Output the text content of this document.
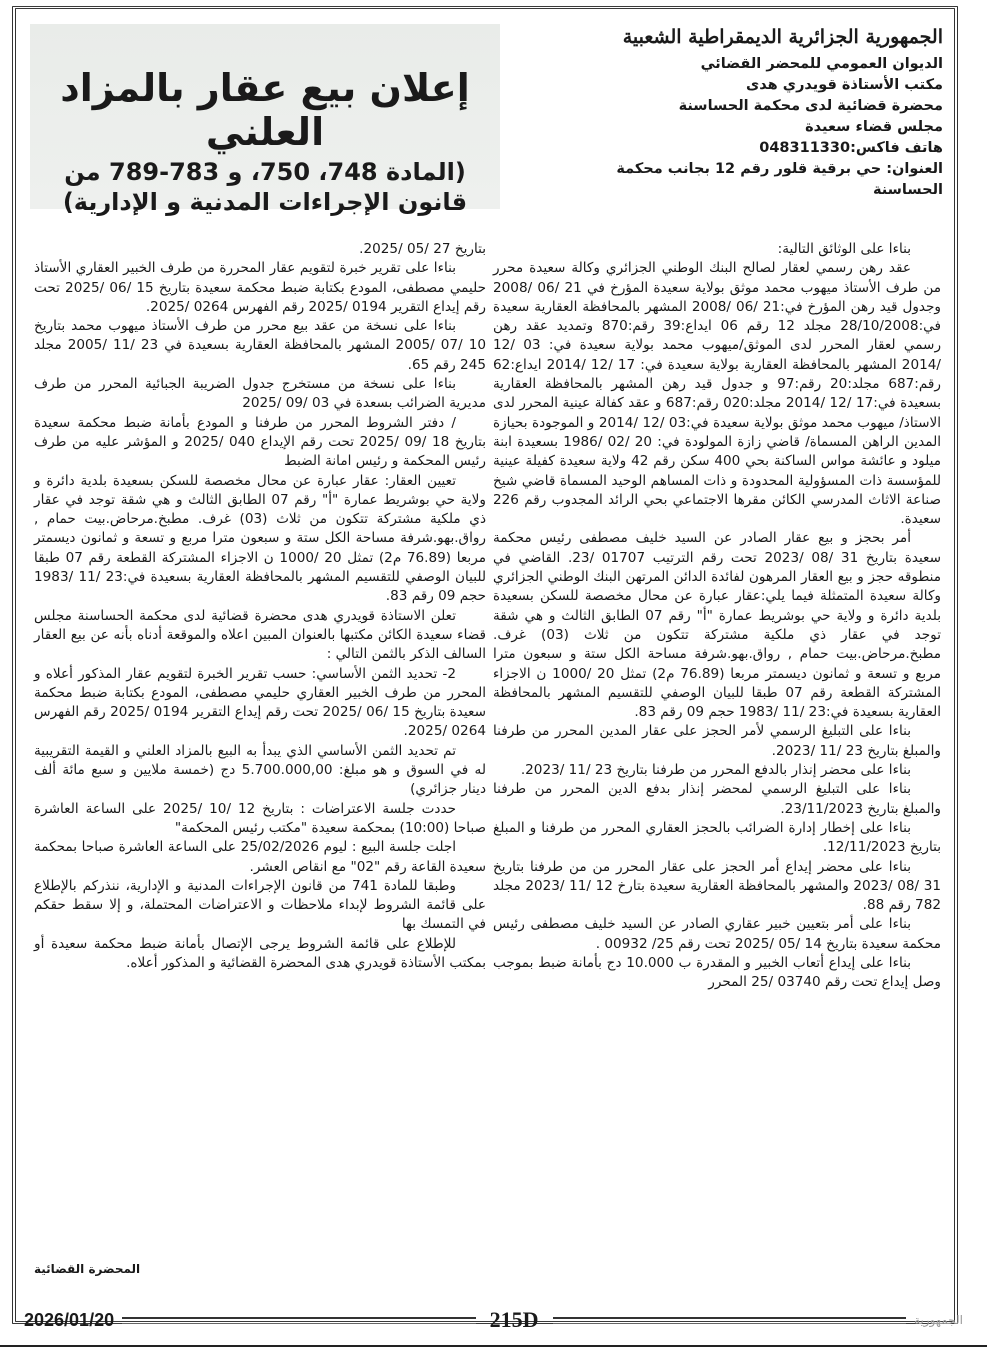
إعلان بيع عقار بالمزاد العلني
(المادة 748، 750، و 783-789 من
قانون الإجراءات المدنية و الإدارية)
الجمهورية الجزائرية الديمقراطية الشعبية
الديوان العمومي للمحضر القضائي
مكتب الأستاذة قويدري هدى
محضرة قضائية لدى محكمة الحساسنة
مجلس قضاء سعيدة
هاتف فاكس:048311330
العنوان: حي برقية قلور رقم 12 بجانب محكمة الحساسنة

بناءا على الوثائق التالية:

عقد رهن رسمي لعقار لصالح البنك الوطني الجزائري وكالة سعيدة محرر من طرف الأستاذ ميهوب محمد موثق بولاية سعيدة المؤرخ في 21 /06 /2008 وجدول قيد رهن المؤرخ في:21 /06 /2008 المشهر بالمحافظة العقارية سعيدة في:28/10/2008 مجلد 12 رقم 06 ايداع:39 رقم:870 وتمديد عقد رهن رسمي لعقار المحرر لدى الموثق/ميهوب محمد بولاية سعيدة في: 03 /12 /2014 المشهر بالمحافظة العقارية بولاية سعيدة في: 17 /12 /2014 ايداع:62 رقم:687 مجلد:20 رقم:97 و جدول قيد رهن المشهر بالمحافظة العقارية بسعيدة في:17 /12 /2014 مجلد:020 رقم:687 و عقد كفالة عينية المحرر لدى الاستاذ/ ميهوب محمد موثق بولاية سعيدة في:03 /12 /2014 و الموجودة بحيازة المدين الراهن المسماة/ قاضي زازة المولودة في: 20 /02 /1986 بسعيدة ابنة ميلود و عائشة مواس الساكنة بحي 400 سكن رقم 42 ولاية سعيدة كفيلة عينية للمؤسسة ذات المسؤولية المحدودة و ذات المساهم الوحيد المسماة قاضي شيخ صناعة الاثاث المدرسي الكائن مقرها الاجتماعي بحي الرائد المجدوب رقم 226 سعيدة.

أمر بحجز و بيع عقار الصادر عن السيد خليف مصطفى رئيس محكمة سعيدة بتاريخ 31 /08 /2023 تحت رقم الترتيب 01707 /23. القاضي في منطوقه حجز و بيع العقار المرهون لفائدة الدائن المرتهن البنك الوطني الجزائري وكالة سعيدة المتمثلة فيما يلي:عقار عبارة عن محال مخصصة للسكن بسعيدة بلدية دائرة و ولاية حي بوشريط عمارة "أ" رقم 07 الطابق الثالث و هي شقة توجد في عقار ذي ملكية مشتركة تتكون من ثلاث (03) غرف. مطبخ.مرحاض.بيت حمام , رواق.بهو.شرفة مساحة الكل ستة و سبعون مترا مربع و تسعة و ثمانون ديسمتر مربعا (76.89 م2) تمثل 20 /1000 ن الاجزاء المشتركة القطعة رقم 07 طبقا للبيان الوصفي للتقسيم المشهر بالمحافظة العقارية بسعيدة في:23 /11 /1983 حجم 09 رقم 83.

بناءا على التبليغ الرسمي لأمر الحجز على عقار المدين المحرر من طرفنا والمبلغ بتاريخ 23 /11 /2023.

بناءا على محضر إنذار بالدفع المحرر من طرفنا بتاريخ 23 /11 /2023.

بناءا على التبليغ الرسمي لمحضر إنذار بدفع الدين المحرر من طرفنا والمبلغ بتاريخ 23/11/2023.

بناءا على إخطار إدارة الضرائب بالحجز العقاري المحرر من طرفنا و المبلغ بتاريخ 12/11/2023.

بناءا على محضر إيداع أمر الحجز على عقار المحرر من من طرفنا بتاريخ 31 /08 /2023 والمشهر بالمحافظة العقارية سعيدة بتارخ 12 /11 /2023 مجلد 782 رقم 88.

بناءا على أمر بتعيين خبير عقاري الصادر عن السيد خليف مصطفى رئيس محكمة سعيدة بتاريخ 14 /05 /2025 تحت رقم 25/ 00932 .

بناءا على إيداع أتعاب الخبير و المقدرة ب 10.000 دج بأمانة ضبط بموجب وصل إيداع تحت رقم 03740 /25 المحرر

بتاريخ 27 /05 /2025.

بناءا على تقرير خبرة لتقويم عقار المحررة من طرف الخبير العقاري الأستاذ حليمي مصطفى، المودع بكتابة ضبط محكمة سعيدة بتاريخ 15 /06 /2025 تحت رقم إيداع التقرير 0194 /2025 رقم الفهرس 0264 /2025.

بناءا على نسخة من عقد بيع محرر من طرف الأستاذ ميهوب محمد بتاريخ 10 /07 /2005 المشهر بالمحافظة العقارية بسعيدة في 23 /11 /2005 مجلد 245 رقم 65.

بناءا على نسخة من مستخرج جدول الضريبة الجبائية المحرر من طرف مديرية الضرائب بسعدة في 03 /09 /2025

/ دفتر الشروط المحرر من طرفنا و المودع بأمانة ضبط محكمة سعيدة بتاريخ 18 /09 /2025 تحت رقم الإيداع 040 /2025 و المؤشر عليه من طرف رئيس المحكمة و رئيس امانة الضبط

تعيين العقار: عقار عبارة عن محال مخصصة للسكن بسعيدة بلدية دائرة و ولاية حي بوشريط عمارة "أ" رقم 07 الطابق الثالث و هي شقة توجد في عقار ذي ملكية مشتركة تتكون من ثلاث (03) غرف. مطبخ.مرحاض.بيت حمام , رواق.بهو.شرفة مساحة الكل ستة و سبعون مترا مربع و تسعة و ثمانون ديسمتر مربعا (76.89 م2) تمثل 20 /1000 ن الاجزاء المشتركة القطعة رقم 07 طبقا للبيان الوصفي للتقسيم المشهر بالمحافظة العقارية بسعيدة في:23 /11 /1983 حجم 09 رقم 83.

تعلن الاستاذة قويدري هدى محضرة قضائية لدى محكمة الحساسنة مجلس قضاء سعيدة الكائن مكتبها بالعنوان المبين اعلاه والموقعة أدناه بأنه عن بيع العقار السالف الذكر بالثمن التالي :

2- تحديد الثمن الأساسي: حسب تقرير الخبرة لتقويم عقار المذكور أعلاه و المحرر من طرف الخبير العقاري حليمي مصطفى، المودع بكتابة ضبط محكمة سعيدة بتاريخ 15 /06 /2025 تحت رقم إيداع التقرير 0194 /2025 رقم الفهرس 0264 /2025.

تم تحديد الثمن الأساسي الذي يبدأ به البيع بالمزاد العلني و القيمة التقريبية له في السوق و هو مبلغ: 5.700.000,00 دج (خمسة ملايين و سبع مائة ألف دينار جزائري)

حددت جلسة الاعتراضات : بتاريخ 12 /10 /2025 على الساعة العاشرة صباحا (10:00) بمحكمة سعيدة "مكتب رئيس المحكمة"

اجلت جلسة البيع : ليوم 25/02/2026 على الساعة العاشرة صباحا بمحكمة سعيدة القاعة رقم "02" مع انقاص العشر.

وطبقا للمادة 741 من قانون الإجراءات المدنية و الإدارية، ننذركم بالإطلاع على قائمة الشروط لإبداء ملاحظات و الاعتراضات المحتملة، و إلا سقط حقكم في التمسك بها

للإطلاع على قائمة الشروط يرجى الإتصال بأمانة ضبط محكمة سعيدة أو بمكتب الأستاذة قويدري هدى المحضرة القضائية و المذكور أعلاه.

المحضرة القضائية
2026/01/20	215D	الجمهورية
